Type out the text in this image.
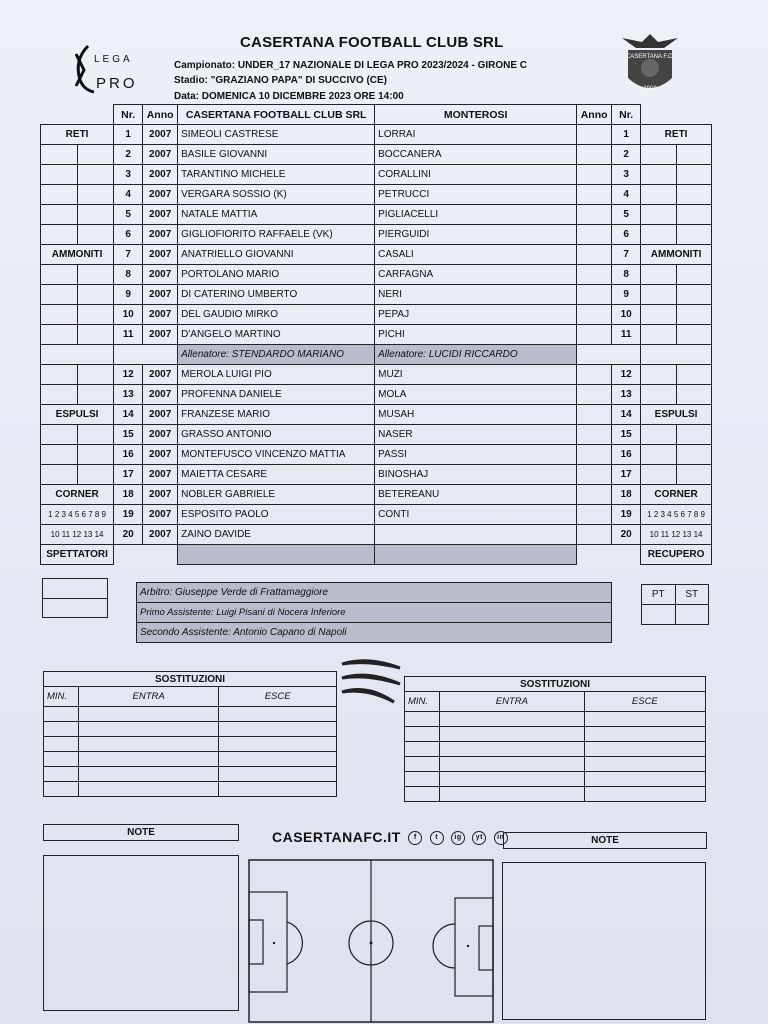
LEGA
PRO
CASERTANA FOOTBALL CLUB SRL
Campionato: UNDER_17 NAZIONALE DI LEGA PRO 2023/2024 - GIRONE C
Stadio: "GRAZIANO PAPA" DI SUCCIVO (CE)
Data: DOMENICA 10 DICEMBRE 2023 ORE 14:00
CASERTANA F.C.
1908
		Nr.	Anno	CASERTANA FOOTBALL CLUB SRL	MONTEROSI	Anno	Nr.		
RETI		1	2007	SIMEOLI CASTRESE	LORRAI		1	RETI	
		2	2007	BASILE GIOVANNI	BOCCANERA		2		
		3	2007	TARANTINO MICHELE	CORALLINI		3		
		4	2007	VERGARA SOSSIO (K)	PETRUCCI		4		
		5	2007	NATALE MATTIA	PIGLIACELLI		5		
		6	2007	GIGLIOFIORITO RAFFAELE (VK)	PIERGUIDI		6		
AMMONITI		7	2007	ANATRIELLO GIOVANNI	CASALI		7	AMMONITI	
		8	2007	PORTOLANO MARIO	CARFAGNA		8		
		9	2007	DI CATERINO UMBERTO	NERI		9		
		10	2007	DEL GAUDIO MIRKO	PEPAJ		10		
		11	2007	D'ANGELO MARTINO	PICHI		11		
				Allenatore: STENDARDO MARIANO	Allenatore: LUCIDI RICCARDO				
		12	2007	MEROLA LUIGI PIO	MUZI		12		
		13	2007	PROFENNA DANIELE	MOLA		13		
ESPULSI		14	2007	FRANZESE MARIO	MUSAH		14	ESPULSI	
		15	2007	GRASSO ANTONIO	NASER		15		
		16	2007	MONTEFUSCO VINCENZO MATTIA	PASSI		16		
		17	2007	MAIETTA CESARE	BINOSHAJ		17		
CORNER		18	2007	NOBLER GABRIELE	BETEREANU		18	CORNER	
1 2 3 4 5 6 7 8 9		19	2007	ESPOSITO PAOLO	CONTI		19	1 2 3 4 5 6 7 8 9	
10 11 12 13 14		20	2007	ZAINO DAVIDE			20	10 11 12 13 14	
SPETTATORI								RECUPERO	
PT	ST

Arbitro: Giuseppe Verde di Frattamaggiore
Primo Assistente: Luigi Pisani di Nocera Inferiore
Secondo Assistente: Antonio Capano di Napoli
SOSTITUZIONI		
MIN.	ENTRA	ESCE

SOSTITUZIONI		
MIN.	ENTRA	ESCE

NOTE
NOTE
CASERTANAFC.IT f	t ig yt in
